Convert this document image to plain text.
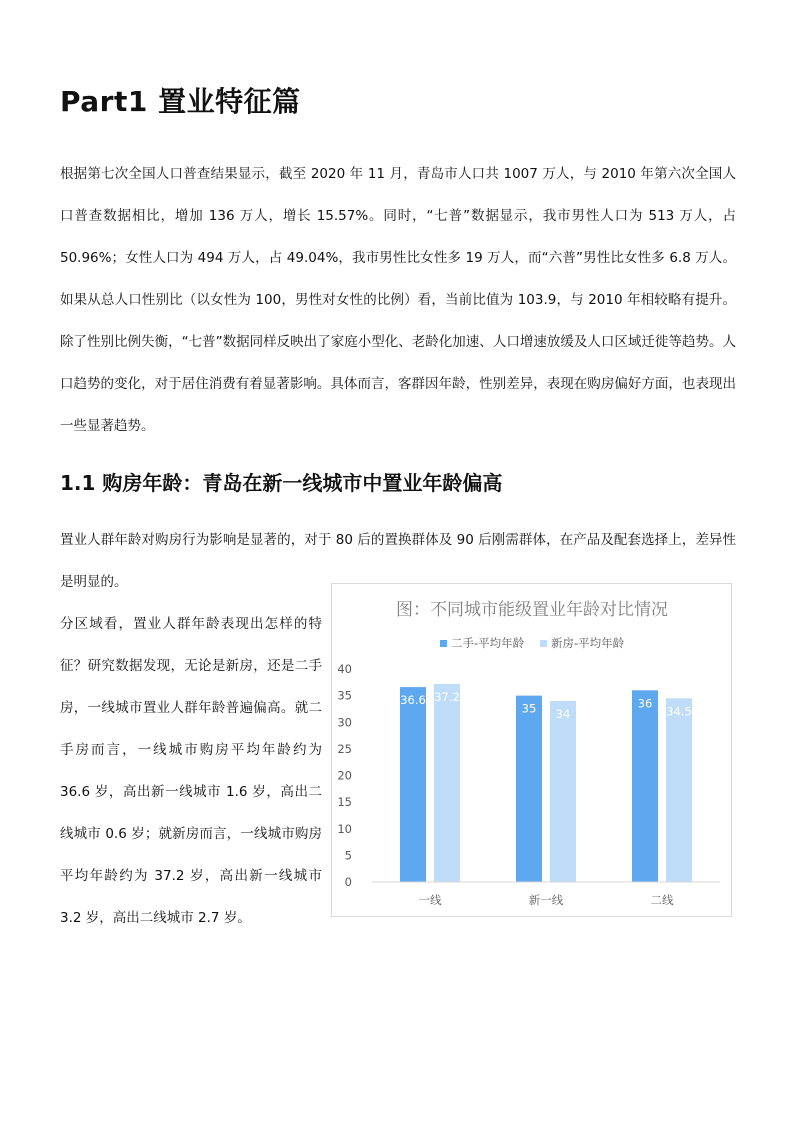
Part1 置业特征篇

根据第七次全国人口普查结果显示，截至 2020 年 11 月，青岛市人口共 1007 万人，与 2010 年第六次全国人口普查数据相比，增加 136 万人，增长 15.57%。同时，“七普”数据显示，我市男性人口为 513 万人，占 50.96%；女性人口为 494 万人，占 49.04%，我市男性比女性多 19 万人，而“六普”男性比女性多 6.8 万人。如果从总人口性别比（以女性为 100，男性对女性的比例）看，当前比值为 103.9，与 2010 年相较略有提升。除了性别比例失衡，“七普”数据同样反映出了家庭小型化、老龄化加速、人口增速放缓及人口区域迁徙等趋势。人口趋势的变化，对于居住消费有着显著影响。具体而言，客群因年龄，性别差异，表现在购房偏好方面，也表现出一些显著趋势。

1.1 购房年龄：青岛在新一线城市中置业年龄偏高

置业人群年龄对购房行为影响是显著的，对于 80 后的置换群体及 90 后刚需群体，在产品及配套选择上，差异性是明显的。

分区域看，置业人群年龄表现出怎样的特征？研究数据发现，无论是新房，还是二手房，一线城市置业人群年龄普遍偏高。就二手房而言，一线城市购房平均年龄约为 36.6 岁，高出新一线城市 1.6 岁，高出二线城市 0.6 岁；就新房而言，一线城市购房平均年龄约为 37.2 岁，高出新一线城市 3.2 岁，高出二线城市 2.7 岁。

图：不同城市能级置业年龄对比情况
二手-平均年龄 新房-平均年龄
0
5
10
15
20
25
30
35
40
36.6 37.2
一线
35 34
新一线
36
34.5
二线
